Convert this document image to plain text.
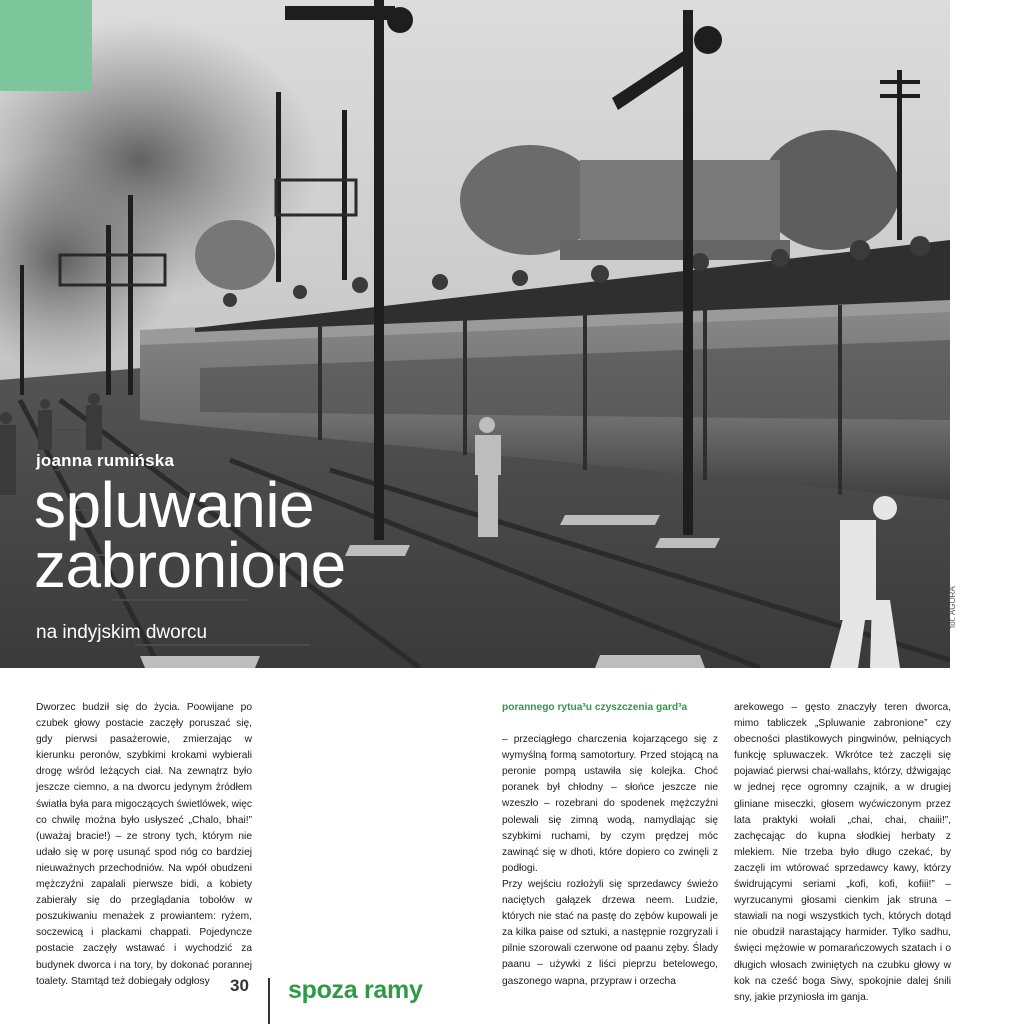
joanna rumińska
spluwanie
zabronione
na indyjskim dworcu
fot. AGORA

Dworzec budził się do życia. Poowijane po czubek głowy postacie zaczęły poruszać się, gdy pierwsi pasażerowie, zmierzając w kierunku peronów, szybkimi krokami wybierali drogę wśród leżących ciał. Na zewnątrz było jeszcze ciemno, a na dworcu jedynym źródłem światła była para migoczących świetlówek, więc co chwilę można było usłyszeć „Chalo, bhai!” (uważaj bracie!) – ze strony tych, którym nie udało się w porę usunąć spod nóg co bardziej nieuważnych przechodniów. Na wpół obudzeni mężczyźni zapalali pierwsze bidi, a kobiety zabierały się do przeglądania tobołów w poszukiwaniu menażek z prowiantem: ryżem, soczewicą i plackami chappati. Pojedyncze postacie zaczęły wstawać i wychodzić za budynek dworca i na tory, by dokonać porannej toalety. Stamtąd też dobiegały odgłosy

porannego rytua³u czyszczenia gard³a

– przeciągłego charczenia kojarzącego się z wymyślną formą samotortury. Przed stojącą na peronie pompą ustawiła się kolejka. Choć poranek był chłodny – słońce jeszcze nie wzeszło – rozebrani do spodenek mężczyźni polewali się zimną wodą, namydlając się szybkimi ruchami, by czym prędzej móc zawinąć się w dhoti, które dopiero co zwinęli z podłogi.

Przy wejściu rozłożyli się sprzedawcy świeżo naciętych gałązek drzewa neem. Ludzie, których nie stać na pastę do zębów kupowali je za kilka paise od sztuki, a następnie rozgryzali i pilnie szorowali czerwone od paanu zęby. Ślady paanu – używki z liści pieprzu betelowego, gaszonego wapna, przypraw i orzecha

arekowego – gęsto znaczyły teren dworca, mimo tabliczek „Spluwanie zabronione” czy obecności plastikowych pingwinów, pełniących funkcję spluwaczek. Wkrótce też zaczęli się pojawiać pierwsi chai-wallahs, którzy, dźwigając w jednej ręce ogromny czajnik, a w drugiej gliniane miseczki, głosem wyćwiczonym przez lata praktyki wołali „chai, chai, chaiii!”, zachęcając do kupna słodkiej herbaty z mlekiem. Nie trzeba było długo czekać, by zaczęli im wtórować sprzedawcy kawy, którzy świdrującymi seriami „kofi, kofi, kofiii!” – wyrzucanymi głosami cienkim jak struna – stawiali na nogi wszystkich tych, których dotąd nie obudził narastający harmider. Tylko sadhu, święci mężowie w pomarańczowych szatach i o długich włosach zwiniętych na czubku głowy w kok na cześć boga Siwy, spokojnie dalej śnili sny, jakie przyniosła im ganja.

30 spoza ramy
